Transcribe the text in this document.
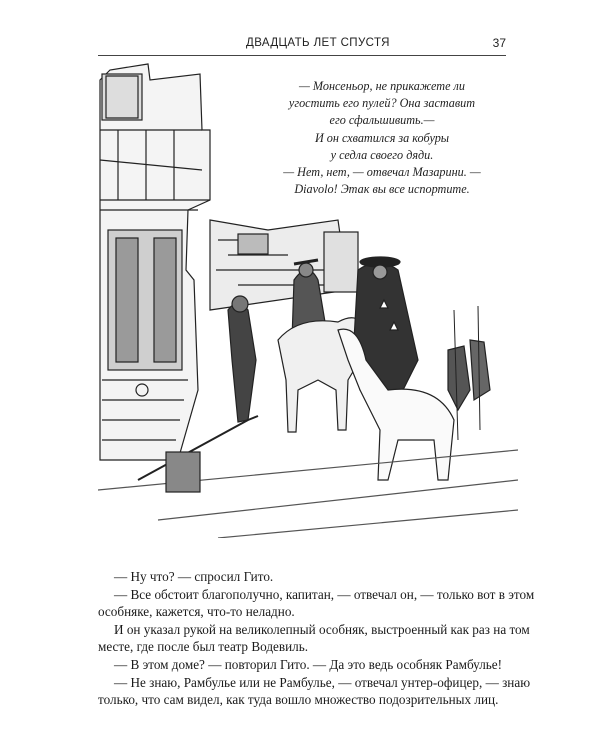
ДВАДЦАТЬ ЛЕТ СПУСТЯ	37
— Монсеньор, не прикажете ли
угостить его пулей? Она заставит
его сфальшивить.—
И он схватился за кобуры
у седла своего дяди.
— Нет, нет, — отвечал Мазарини. —
Diavolo! Этак вы все испортите.
— Ну что? — спросил Гито.
— Все обстоит благополучно, капитан, — отвечал он, — только вот в этом
особняке, кажется, что-то неладно.
И он указал рукой на великолепный особняк, выстроенный как раз на том
месте, где после был театр Водевиль.
— В этом доме? — повторил Гито. — Да это ведь особняк Рамбулье!
— Не знаю, Рамбулье или не Рамбулье, — отвечал унтер-офицер, — знаю
только, что сам видел, как туда вошло множество подозрительных лиц.
